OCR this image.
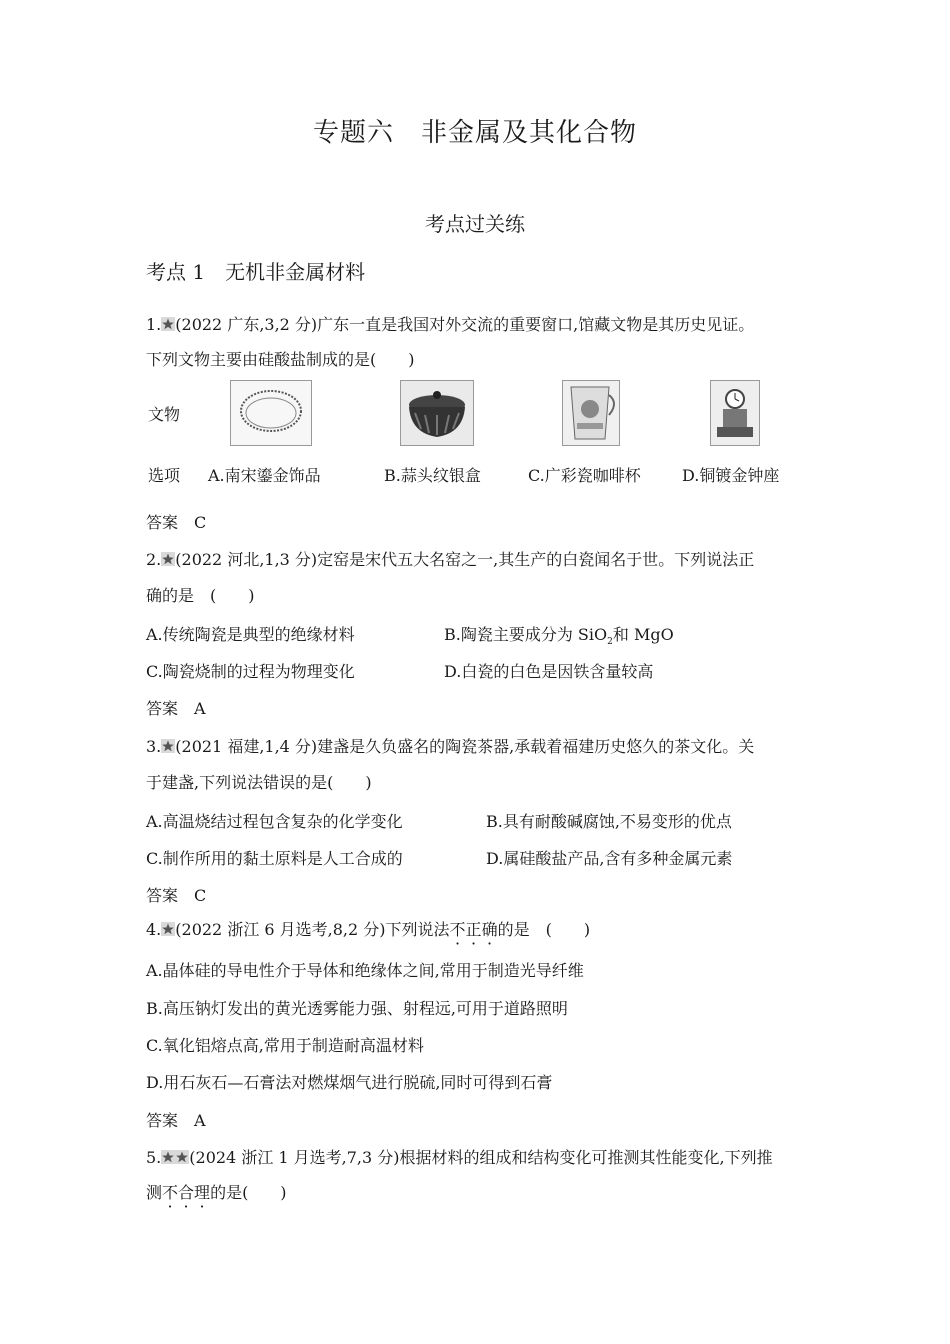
专题六　非金属及其化合物
考点过关练
考点 1　无机非金属材料
1. (2022 广东,3,2 分)广东一直是我国对外交流的重要窗口,馆藏文物是其历史见证。
下列文物主要由硅酸盐制成的是(　　)
文物
选项 A.南宋鎏金饰品	B.蒜头纹银盒	C.广彩瓷咖啡杯	D.铜镀金钟座
答案　C
2. (2022 河北,1,3 分)定窑是宋代五大名窑之一,其生产的白瓷闻名于世。下列说法正
确的是　(　　)
A.传统陶瓷是典型的绝缘材料	B.陶瓷主要成分为 SiO$_2$和 MgO
C.陶瓷烧制的过程为物理变化	D.白瓷的白色是因铁含量较高
答案　A
3. (2021 福建,1,4 分)建盏是久负盛名的陶瓷茶器,承载着福建历史悠久的茶文化。关
于建盏,下列说法错误的是(　　)
A.高温烧结过程包含复杂的化学变化	B.具有耐酸碱腐蚀,不易变形的优点
C.制作所用的黏土原料是人工合成的	D.属硅酸盐产品,含有多种金属元素
答案　C
4. (2022 浙江 6 月选考,8,2 分)下列说法不正确的是　(　　)
A.晶体硅的导电性介于导体和绝缘体之间,常用于制造光导纤维
B.高压钠灯发出的黄光透雾能力强、射程远,可用于道路照明
C.氧化铝熔点高,常用于制造耐高温材料
D.用石灰石—石膏法对燃煤烟气进行脱硫,同时可得到石膏
答案　A
5. (2024 浙江 1 月选考,7,3 分)根据材料的组成和结构变化可推测其性能变化,下列推
测不合理的是(　　)
